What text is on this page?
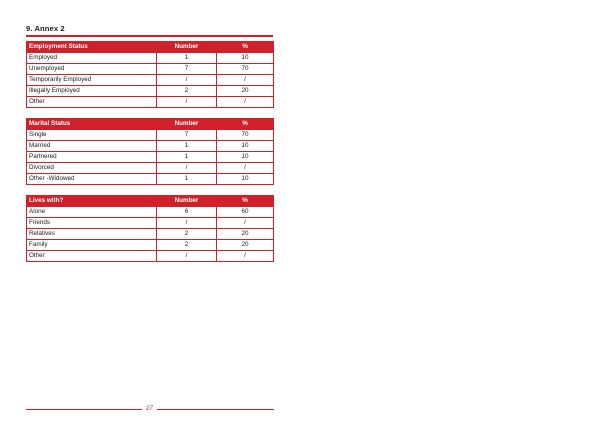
9. Annex 2
Employment Status	Number	%
Employed	1	10
Unemployed	7	70
Temporarily Employed	/	/
Illegally Employed	2	20
Other	/	/
Marital Status	Number	%
Single	7	70
Married	1	10
Partnered	1	10
Divorced	/	/
Other -Widowed	1	10
Lives with?	Number	%
Alone	6	60
Friends	/	/
Relatives	2	20
Family	2	20
Other	/	/
27
